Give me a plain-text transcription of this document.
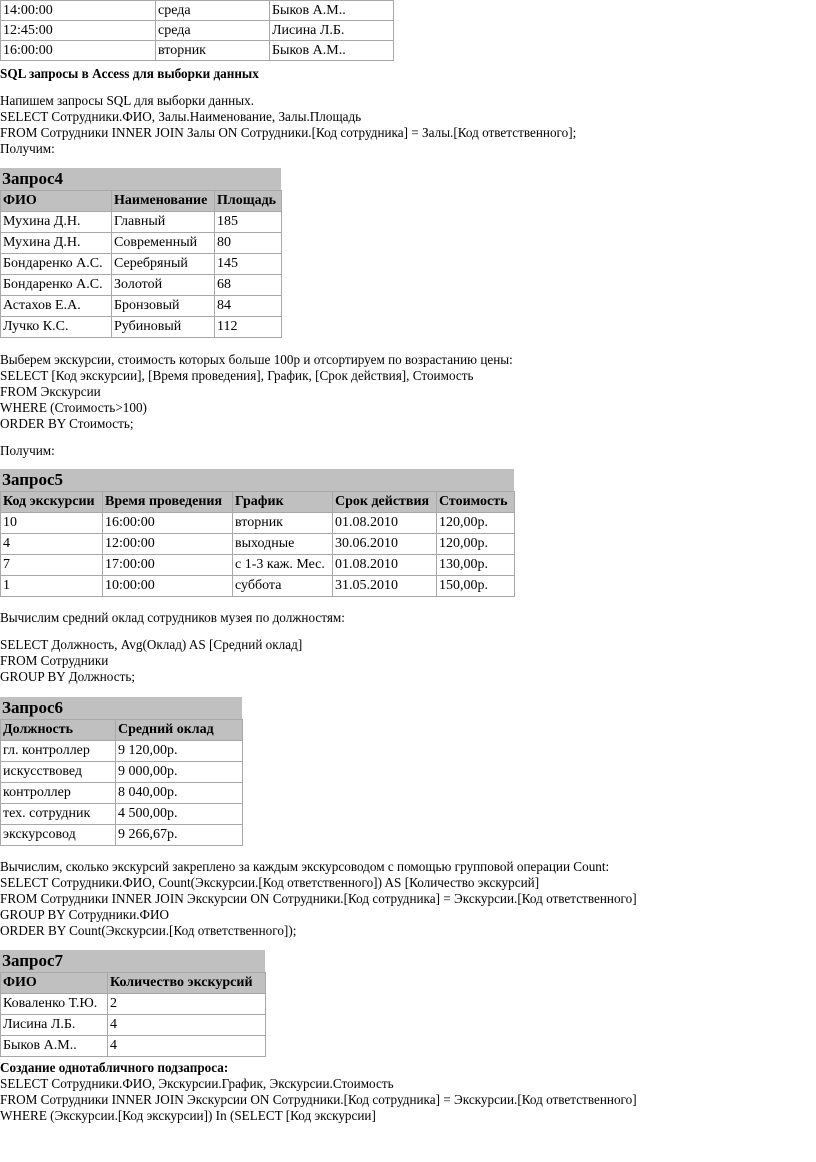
14:00:00	среда	Быков А.М..
12:45:00	среда	Лисина Л.Б.
16:00:00	вторник	Быков А.М..
SQL запросы в Access для выборки данных
Напишем запросы SQL для выборки данных.
SELECT Сотрудники.ФИО, Залы.Наименование, Залы.Площадь
FROM Сотрудники INNER JOIN Залы ON Сотрудники.[Код сотрудника] = Залы.[Код ответственного];
Получим:
Запрос4
ФИО	Наименование	Площадь
Мухина Д.Н.	Главный	185
Мухина Д.Н.	Современный	80
Бондаренко А.С.	Серебряный	145
Бондаренко А.С.	Золотой	68
Астахов Е.А.	Бронзовый	84
Лучко К.С.	Рубиновый	112
Выберем экскурсии, стоимость которых больше 100р и отсортируем по возрастанию цены:
SELECT [Код экскурсии], [Время проведения], График, [Срок действия], Стоимость
FROM Экскурсии
WHERE (Стоимость>100)
ORDER BY Стоимость;
Получим:
Запрос5
Код экскурсии	Время проведения	График	Срок действия	Стоимость
10	16:00:00	вторник	01.08.2010	120,00р.
4	12:00:00	выходные	30.06.2010	120,00р.
7	17:00:00	с 1-3 каж. Мес.	01.08.2010	130,00р.
1	10:00:00	суббота	31.05.2010	150,00р.
Вычислим средний оклад сотрудников музея по должностям:
SELECT Должность, Avg(Оклад) AS [Средний оклад]
FROM Сотрудники
GROUP BY Должность;
Запрос6
Должность	Средний оклад
гл. контроллер	9 120,00р.
искусствовед	9 000,00р.
контроллер	8 040,00р.
тех. сотрудник	4 500,00р.
экскурсовод	9 266,67р.
Вычислим, сколько экскурсий закреплено за каждым экскурсоводом с помощью групповой операции Count:
SELECT Сотрудники.ФИО, Count(Экскурсии.[Код ответственного]) AS [Количество экскурсий]
FROM Сотрудники INNER JOIN Экскурсии ON Сотрудники.[Код сотрудника] = Экскурсии.[Код ответственного]
GROUP BY Сотрудники.ФИО
ORDER BY Count(Экскурсии.[Код ответственного]);
Запрос7
ФИО	Количество экскурсий
Коваленко Т.Ю.	2
Лисина Л.Б.	4
Быков А.М..	4
Создание однотабличного подзапроса:
SELECT Сотрудники.ФИО, Экскурсии.График, Экскурсии.Стоимость
FROM Сотрудники INNER JOIN Экскурсии ON Сотрудники.[Код сотрудника] = Экскурсии.[Код ответственного]
WHERE (Экскурсии.[Код экскурсии]) In (SELECT [Код экскурсии]
